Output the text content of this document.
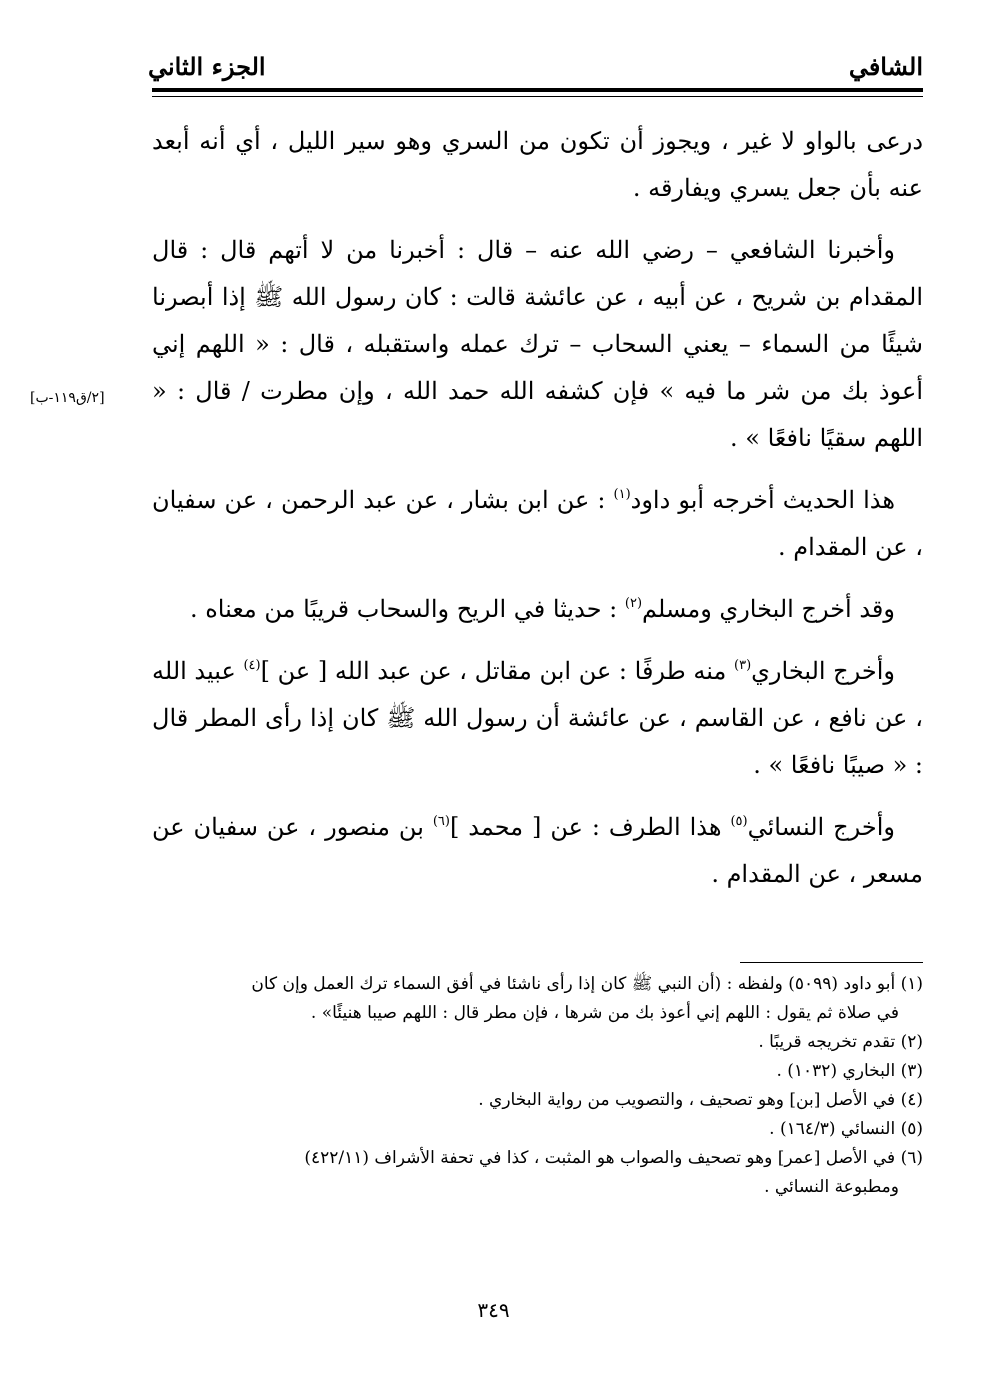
الشافي
الجزء الثاني
[٢/ق١١٩-ب]

درعى بالواو لا غير ، ويجوز أن تكون من السري وهو سير الليل ، أي أنه أبعد عنه بأن جعل يسري ويفارقه .

وأخبرنا الشافعي – رضي الله عنه – قال : أخبرنا من لا أتهم قال : قال المقدام بن شريح ، عن أبيه ، عن عائشة قالت : كان رسول الله ﷺ إذا أبصرنا شيئًا من السماء – يعني السحاب – ترك عمله واستقبله ، قال : « اللهم إني أعوذ بك من شر ما فيه » فإن كشفه الله حمد الله ، وإن مطرت / قال : « اللهم سقيًا نافعًا » .

هذا الحديث أخرجه أبو داود$^{(١)}$ : عن ابن بشار ، عن عبد الرحمن ، عن سفيان ، عن المقدام .

وقد أخرج البخاري ومسلم$^{(٢)}$ : حديثا في الريح والسحاب قريبًا من معناه .

وأخرج البخاري$^{(٣)}$ منه طرفًا : عن ابن مقاتل ، عن عبد الله [ عن ]$^{(٤)}$ عبيد الله ، عن نافع ، عن القاسم ، عن عائشة أن رسول الله ﷺ كان إذا رأى المطر قال : « صيبًا نافعًا » .

وأخرج النسائي$^{(٥)}$ هذا الطرف : عن [ محمد ]$^{(٦)}$ بن منصور ، عن سفيان عن مسعر ، عن المقدام .

(١) أبو داود (٥٠٩٩) ولفظه : (أن النبي ﷺ كان إذا رأى ناشئا في أفق السماء ترك العمل وإن كان

في صلاة ثم يقول : اللهم إني أعوذ بك من شرها ، فإن مطر قال : اللهم صيبا هنيئًا» .

(٢) تقدم تخريجه قريبًا .

(٣) البخاري (١٠٣٢) .

(٤) في الأصل [بن] وهو تصحيف ، والتصويب من رواية البخاري .

(٥) النسائي (١٦٤/٣) .

(٦) في الأصل [عمر] وهو تصحيف والصواب هو المثبت ، كذا في تحفة الأشراف (٤٢٢/١١)

ومطبوعة النسائي .

٣٤٩
